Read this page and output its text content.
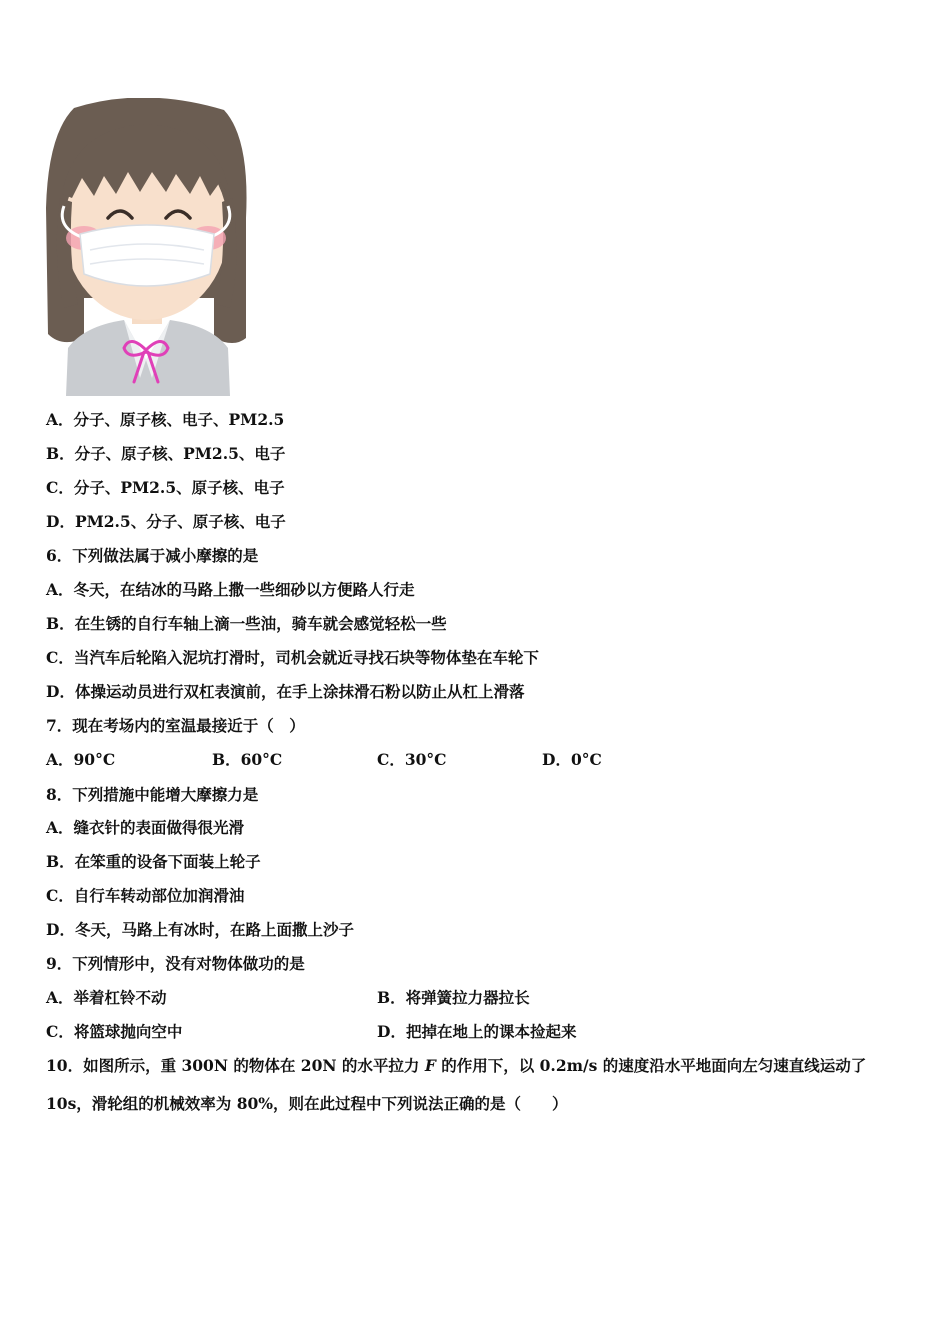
A．分子、原子核、电子、PM2.5
B．分子、原子核、PM2.5、电子
C．分子、PM2.5、原子核、电子
D．PM2.5、分子、原子核、电子
6．下列做法属于减小摩擦的是
A．冬天，在结冰的马路上撒一些细砂以方便路人行走
B．在生锈的自行车轴上滴一些油，骑车就会感觉轻松一些
C．当汽车后轮陷入泥坑打滑时，司机会就近寻找石块等物体垫在车轮下
D．体操运动员进行双杠表演前，在手上涂抹滑石粉以防止从杠上滑落
7．现在考场内的室温最接近于（　）
A．90°C	B．60°C	C．30°C	D．0°C
8．下列措施中能增大摩擦力是
A．缝衣针的表面做得很光滑
B．在笨重的设备下面装上轮子
C．自行车转动部位加润滑油
D．冬天，马路上有冰时，在路上面撒上沙子
9．下列情形中，没有对物体做功的是
A．举着杠铃不动	B．将弹簧拉力器拉长
C．将篮球抛向空中	D．把掉在地上的课本捡起来
10．如图所示，重 300N 的物体在 20N 的水平拉力 F 的作用下，以 0.2m/s 的速度沿水平地面向左匀速直线运动了
10s，滑轮组的机械效率为 80%，则在此过程中下列说法正确的是（　　）
